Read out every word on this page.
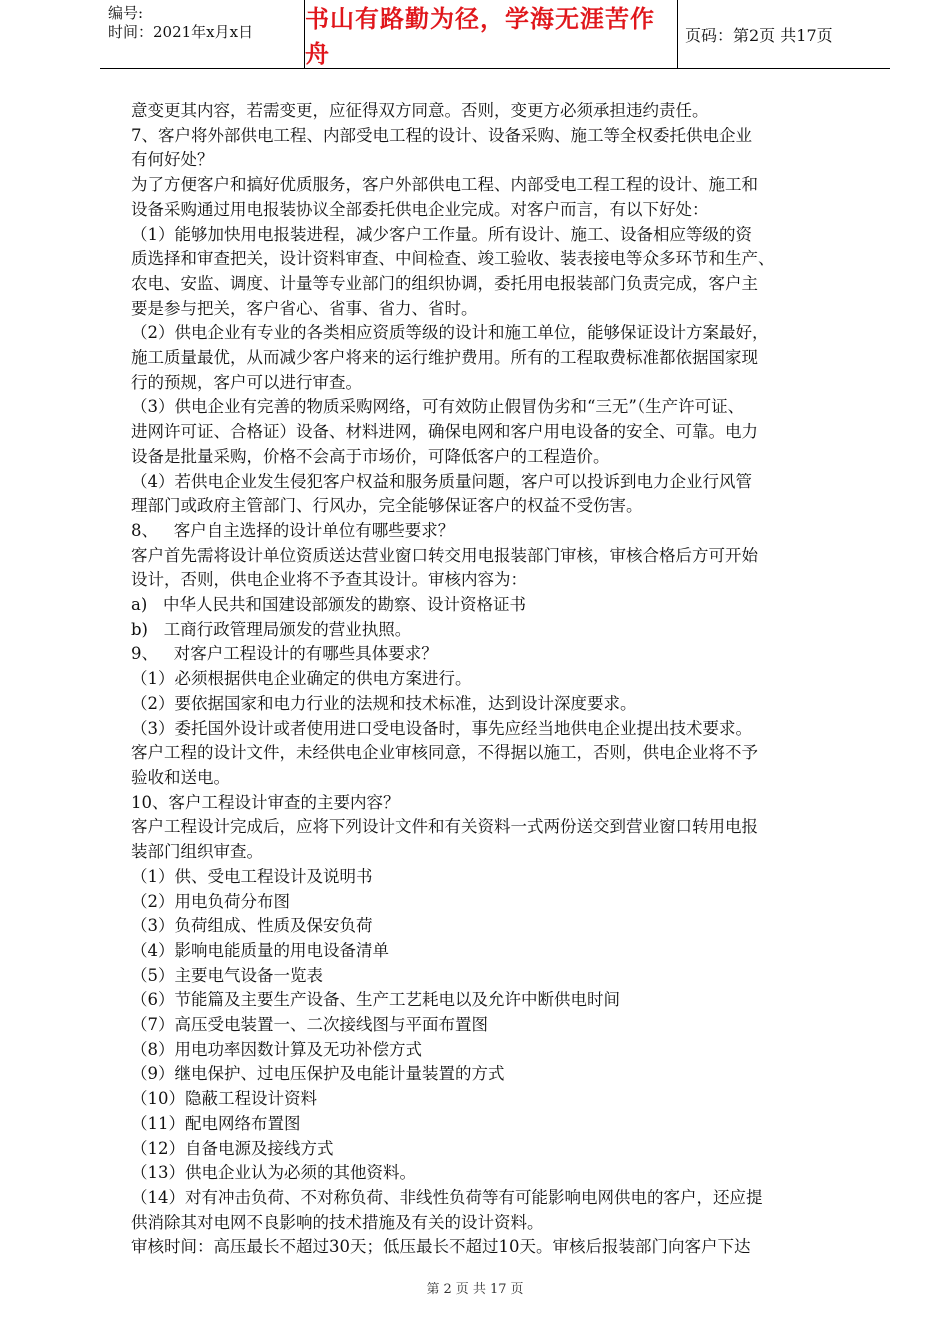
编号:
时间：2021年x月x日	书山有路勤为径，学海无涯苦作舟
页码：第2页 共17页

意变更其内容，若需变更，应征得双方同意。否则，变更方必须承担违约责任。

7、客户将外部供电工程、内部受电工程的设计、设备采购、施工等全权委托供电企业

有何好处？

为了方便客户和搞好优质服务，客户外部供电工程、内部受电工程工程的设计、施工和

设备采购通过用电报装协议全部委托供电企业完成。对客户而言，有以下好处：

（1）能够加快用电报装进程，减少客户工作量。所有设计、施工、设备相应等级的资

质选择和审查把关，设计资料审查、中间检查、竣工验收、装表接电等众多环节和生产、

农电、安监、调度、计量等专业部门的组织协调，委托用电报装部门负责完成，客户主

要是参与把关，客户省心、省事、省力、省时。

（2）供电企业有专业的各类相应资质等级的设计和施工单位，能够保证设计方案最好，

施工质量最优，从而减少客户将来的运行维护费用。所有的工程取费标准都依据国家现

行的预规，客户可以进行审查。

（3）供电企业有完善的物质采购网络，可有效防止假冒伪劣和“三无”（生产许可证、

进网许可证、合格证）设备、材料进网，确保电网和客户用电设备的安全、可靠。电力

设备是批量采购，价格不会高于市场价，可降低客户的工程造价。

（4）若供电企业发生侵犯客户权益和服务质量问题，客户可以投诉到电力企业行风管

理部门或政府主管部门、行风办，完全能够保证客户的权益不受伤害。

8、   客户自主选择的设计单位有哪些要求？

客户首先需将设计单位资质送达营业窗口转交用电报装部门审核，审核合格后方可开始

设计，否则，供电企业将不予查其设计。审核内容为：

a)   中华人民共和国建设部颁发的勘察、设计资格证书

b)   工商行政管理局颁发的营业执照。

9、   对客户工程设计的有哪些具体要求？

（1）必须根据供电企业确定的供电方案进行。

（2）要依据国家和电力行业的法规和技术标准，达到设计深度要求。

（3）委托国外设计或者使用进口受电设备时，事先应经当地供电企业提出技术要求。

客户工程的设计文件，未经供电企业审核同意，不得据以施工，否则，供电企业将不予

验收和送电。

10、客户工程设计审查的主要内容？

客户工程设计完成后，应将下列设计文件和有关资料一式两份送交到营业窗口转用电报

装部门组织审查。

（1）供、受电工程设计及说明书

（2）用电负荷分布图

（3）负荷组成、性质及保安负荷

（4）影响电能质量的用电设备清单

（5）主要电气设备一览表

（6）节能篇及主要生产设备、生产工艺耗电以及允许中断供电时间

（7）高压受电装置一、二次接线图与平面布置图

（8）用电功率因数计算及无功补偿方式

（9）继电保护、过电压保护及电能计量装置的方式

（10）隐蔽工程设计资料

（11）配电网络布置图

（12）自备电源及接线方式

（13）供电企业认为必须的其他资料。

（14）对有冲击负荷、不对称负荷、非线性负荷等有可能影响电网供电的客户，还应提

供消除其对电网不良影响的技术措施及有关的设计资料。

审核时间：高压最长不超过30天；低压最长不超过10天。审核后报装部门向客户下达

第 2 页 共 17 页
